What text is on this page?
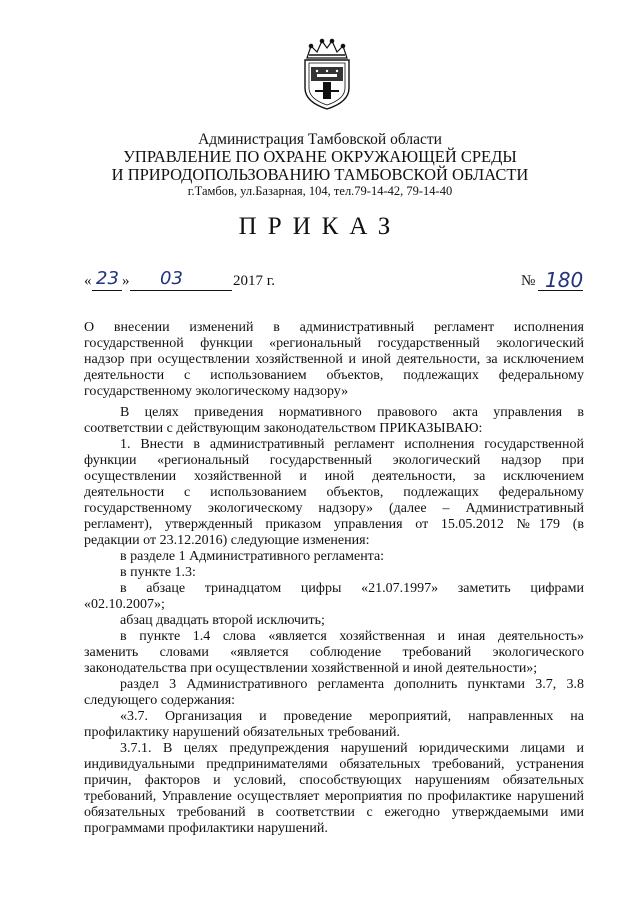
Администрация Тамбовской области
УПРАВЛЕНИЕ ПО ОХРАНЕ ОКРУЖАЮЩЕЙ СРЕДЫ
И ПРИРОДОПОЛЬЗОВАНИЮ ТАМБОВСКОЙ ОБЛАСТИ
г.Тамбов, ул.Базарная, 104, тел.79-14-42, 79-14-40
ПРИКАЗ
« 23 » 03	2017 г.	№ 180
О внесении изменений в административный регламент исполнения
государственной функции «региональный государственный экологический
надзор при осуществлении хозяйственной и иной деятельности, за исключением
деятельности с использованием объектов, подлежащих федеральному
государственному экологическому надзору»

В целях приведения нормативного правового акта управления в

соответствии с действующим законодательством ПРИКАЗЫВАЮ:

1. Внести в административный регламент исполнения государственной

функции «региональный государственный экологический надзор при

осуществлении хозяйственной и иной деятельности, за исключением

деятельности с использованием объектов, подлежащих федеральному

государственному экологическому надзору» (далее – Административный

регламент), утвержденный приказом управления от 15.05.2012 №179 (в

редакции от 23.12.2016) следующие изменения:

в разделе 1 Административного регламента:

в пункте 1.3:

в абзаце тринадцатом цифры «21.07.1997» заметить цифрами

«02.10.2007»;

абзац двадцать второй исключить;

в пункте 1.4 слова «является хозяйственная и иная деятельность»

заменить словами «является соблюдение требований экологического

законодательства при осуществлении хозяйственной и иной деятельности»;

раздел 3 Административного регламента дополнить пунктами 3.7, 3.8

следующего содержания:

«3.7. Организация и проведение мероприятий, направленных на

профилактику нарушений обязательных требований.

3.7.1. В целях предупреждения нарушений юридическими лицами и

индивидуальными предпринимателями обязательных требований, устранения

причин, факторов и условий, способствующих нарушениям обязательных

требований, Управление осуществляет мероприятия по профилактике нарушений

обязательных требований в соответствии с ежегодно утверждаемыми ими

программами профилактики нарушений.
